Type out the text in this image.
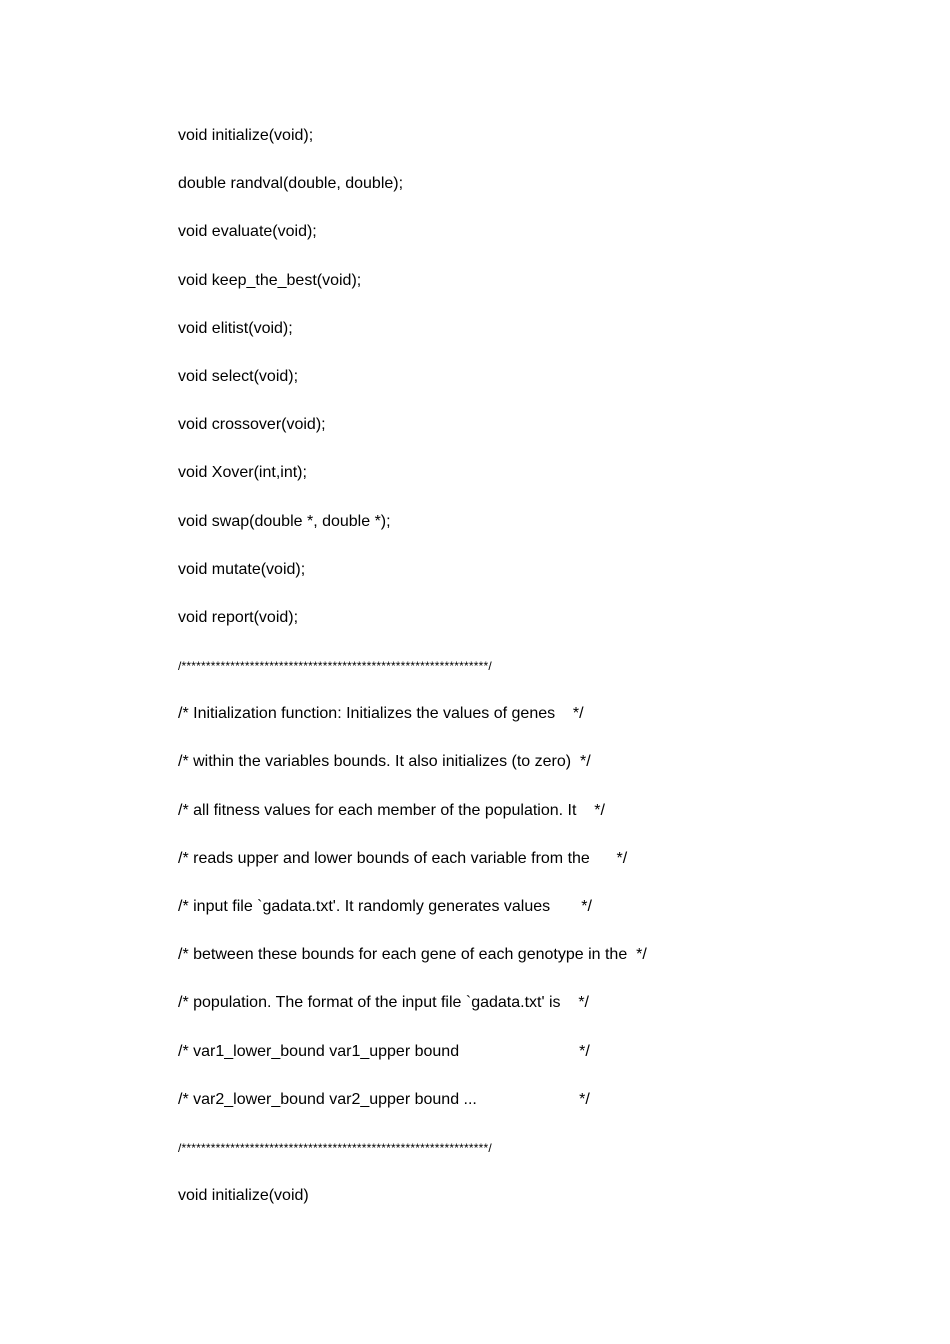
void initialize(void);
double randval(double, double);
void evaluate(void);
void keep_the_best(void);
void elitist(void);
void select(void);
void crossover(void);
void Xover(int,int);
void swap(double *, double *);
void mutate(void);
void report(void);
/***************************************************************/
/* Initialization function: Initializes the values of genes    */
/* within the variables bounds. It also initializes (to zero)  */
/* all fitness values for each member of the population. It    */
/* reads upper and lower bounds of each variable from the      */
/* input file `gadata.txt'. It randomly generates values       */
/* between these bounds for each gene of each genotype in the  */
/* population. The format of the input file `gadata.txt' is    */
/* var1_lower_bound var1_upper bound                           */
/* var2_lower_bound var2_upper bound ...                       */
/***************************************************************/
void initialize(void)
